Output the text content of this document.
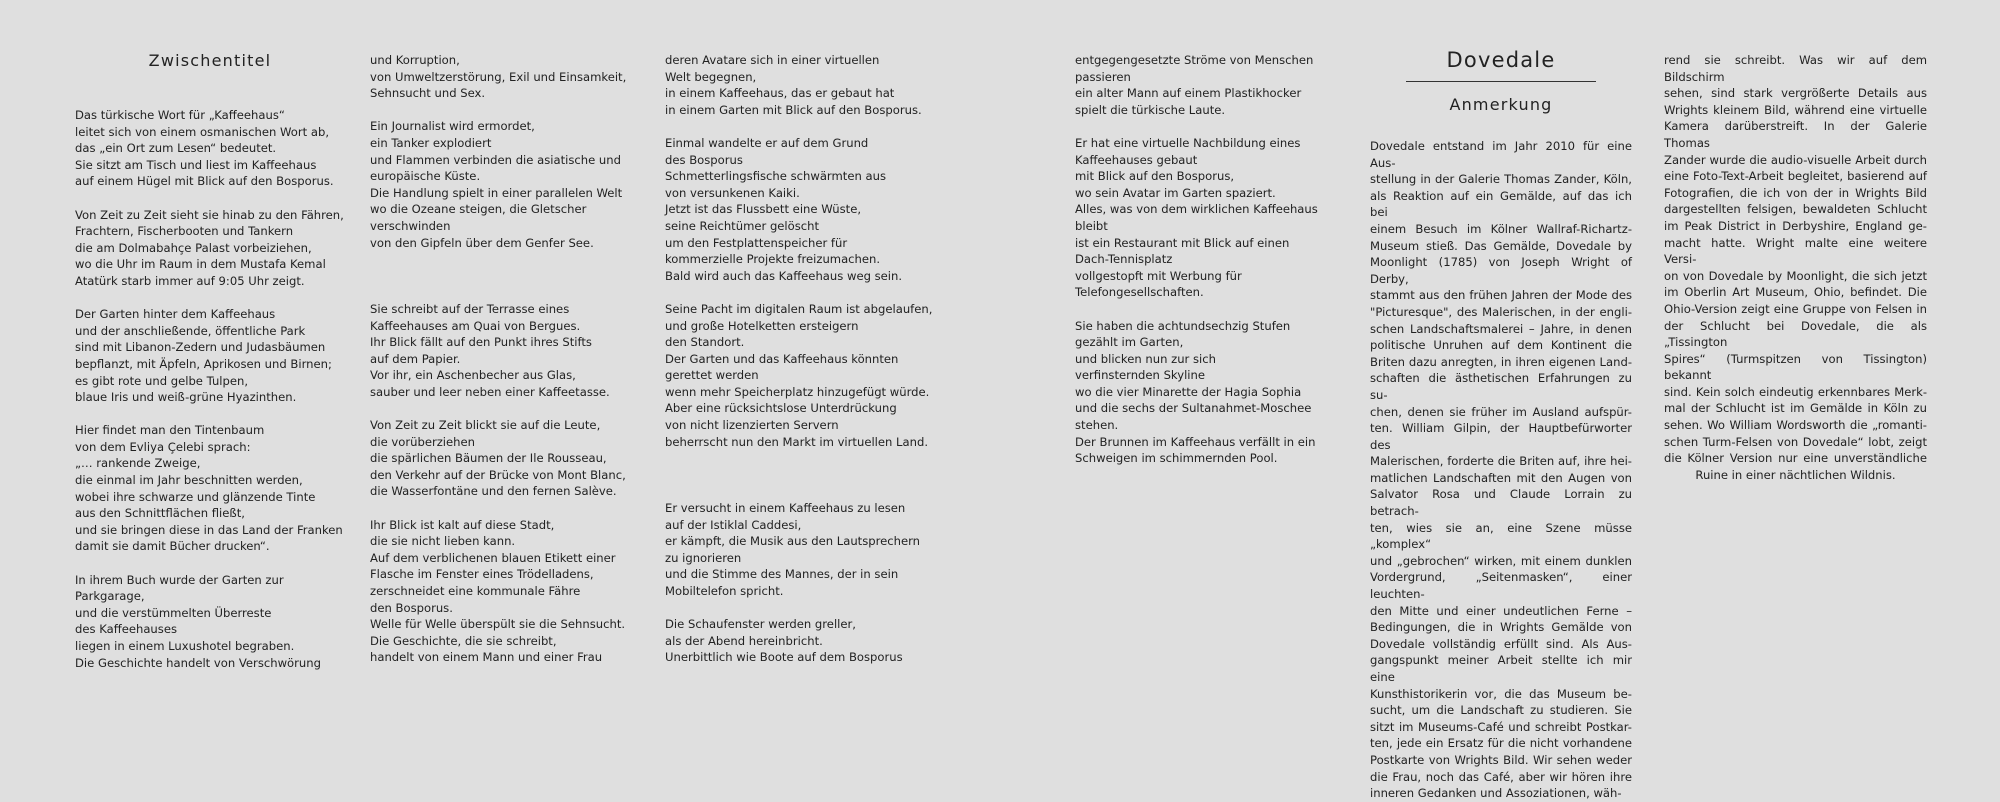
Zwischentitel
Das türkische Wort für „Kaffeehaus“
leitet sich von einem osmanischen Wort ab,
das „ein Ort zum Lesen“ bedeutet.
Sie sitzt am Tisch und liest im Kaffeehaus
auf einem Hügel mit Blick auf den Bosporus.
Von Zeit zu Zeit sieht sie hinab zu den Fähren,
Frachtern, Fischerbooten und Tankern
die am Dolmabahçe Palast vorbeiziehen,
wo die Uhr im Raum in dem Mustafa Kemal
Atatürk starb immer auf 9:05 Uhr zeigt.
Der Garten hinter dem Kaffeehaus
und der anschließende, öffentliche Park
sind mit Libanon-Zedern und Judasbäumen
bepflanzt, mit Äpfeln, Aprikosen und Birnen;
es gibt rote und gelbe Tulpen,
blaue Iris und weiß-grüne Hyazinthen.
Hier findet man den Tintenbaum
von dem Evliya Çelebi sprach:
„… rankende Zweige,
die einmal im Jahr beschnitten werden,
wobei ihre schwarze und glänzende Tinte
aus den Schnittflächen fließt,
und sie bringen diese in das Land der Franken
damit sie damit Bücher drucken“.
In ihrem Buch wurde der Garten zur
Parkgarage,
und die verstümmelten Überreste
des Kaffeehauses
liegen in einem Luxushotel begraben.
Die Geschichte handelt von Verschwörung
und Korruption,
von Umweltzerstörung, Exil und Einsamkeit,
Sehnsucht und Sex.
Ein Journalist wird ermordet,
ein Tanker explodiert
und Flammen verbinden die asiatische und
europäische Küste.
Die Handlung spielt in einer parallelen Welt
wo die Ozeane steigen, die Gletscher
verschwinden
von den Gipfeln über dem Genfer See.
Sie schreibt auf der Terrasse eines
Kaffeehauses am Quai von Bergues.
Ihr Blick fällt auf den Punkt ihres Stifts
auf dem Papier.
Vor ihr, ein Aschenbecher aus Glas,
sauber und leer neben einer Kaffeetasse.
Von Zeit zu Zeit blickt sie auf die Leute,
die vorüberziehen
die spärlichen Bäumen der Ile Rousseau,
den Verkehr auf der Brücke von Mont Blanc,
die Wasserfontäne und den fernen Salève.
Ihr Blick ist kalt auf diese Stadt,
die sie nicht lieben kann.
Auf dem verblichenen blauen Etikett einer
Flasche im Fenster eines Trödelladens,
zerschneidet eine kommunale Fähre
den Bosporus.
Welle für Welle überspült sie die Sehnsucht.
Die Geschichte, die sie schreibt,
handelt von einem Mann und einer Frau
deren Avatare sich in einer virtuellen
Welt begegnen,
in einem Kaffeehaus, das er gebaut hat
in einem Garten mit Blick auf den Bosporus.
Einmal wandelte er auf dem Grund
des Bosporus
Schmetterlingsfische schwärmten aus
von versunkenen Kaiki.
Jetzt ist das Flussbett eine Wüste,
seine Reichtümer gelöscht
um den Festplattenspeicher für
kommerzielle Projekte freizumachen.
Bald wird auch das Kaffeehaus weg sein.
Seine Pacht im digitalen Raum ist abgelaufen,
und große Hotelketten ersteigern
den Standort.
Der Garten und das Kaffeehaus könnten
gerettet werden
wenn mehr Speicherplatz hinzugefügt würde.
Aber eine rücksichtslose Unterdrückung
von nicht lizenzierten Servern
beherrscht nun den Markt im virtuellen Land.
Er versucht in einem Kaffeehaus zu lesen
auf der Istiklal Caddesi,
er kämpft, die Musik aus den Lautsprechern
zu ignorieren
und die Stimme des Mannes, der in sein
Mobiltelefon spricht.
Die Schaufenster werden greller,
als der Abend hereinbricht.
Unerbittlich wie Boote auf dem Bosporus
entgegengesetzte Ströme von Menschen
passieren
ein alter Mann auf einem Plastikhocker
spielt die türkische Laute.
Er hat eine virtuelle Nachbildung eines
Kaffeehauses gebaut
mit Blick auf den Bosporus,
wo sein Avatar im Garten spaziert.
Alles, was von dem wirklichen Kaffeehaus
bleibt
ist ein Restaurant mit Blick auf einen
Dach-Tennisplatz
vollgestopft mit Werbung für
Telefongesellschaften.
Sie haben die achtundsechzig Stufen
gezählt im Garten,
und blicken nun zur sich
verfinsternden Skyline
wo die vier Minarette der Hagia Sophia
und die sechs der Sultanahmet-Moschee
stehen.
Der Brunnen im Kaffeehaus verfällt in ein
Schweigen im schimmernden Pool.
Dovedale
Anmerkung
Dovedale entstand im Jahr 2010 für eine Aus-
stellung in der Galerie Thomas Zander, Köln,
als Reaktion auf ein Gemälde, auf das ich bei
einem Besuch im Kölner Wallraf-Richartz-
Museum stieß. Das Gemälde, Dovedale by
Moonlight (1785) von Joseph Wright of Derby,
stammt aus den frühen Jahren der Mode des
"Picturesque", des Malerischen, in der engli-
schen Landschaftsmalerei – Jahre, in denen
politische Unruhen auf dem Kontinent die
Briten dazu anregten, in ihren eigenen Land-
schaften die ästhetischen Erfahrungen zu su-
chen, denen sie früher im Ausland aufspür-
ten. William Gilpin, der Hauptbefürworter des
Malerischen, forderte die Briten auf, ihre hei-
matlichen Landschaften mit den Augen von
Salvator Rosa und Claude Lorrain zu betrach-
ten, wies sie an, eine Szene müsse „komplex“
und „gebrochen“ wirken, mit einem dunklen
Vordergrund, „Seitenmasken“, einer leuchten-
den Mitte und einer undeutlichen Ferne –
Bedingungen, die in Wrights Gemälde von
Dovedale vollständig erfüllt sind. Als Aus-
gangspunkt meiner Arbeit stellte ich mir eine
Kunsthistorikerin vor, die das Museum be-
sucht, um die Landschaft zu studieren. Sie
sitzt im Museums-Café und schreibt Postkar-
ten, jede ein Ersatz für die nicht vorhandene
Postkarte von Wrights Bild. Wir sehen weder
die Frau, noch das Café, aber wir hören ihre
inneren Gedanken und Assoziationen, wäh-
rend sie schreibt. Was wir auf dem Bildschirm
sehen, sind stark vergrößerte Details aus
Wrights kleinem Bild, während eine virtuelle
Kamera darüberstreift. In der Galerie Thomas
Zander wurde die audio-visuelle Arbeit durch
eine Foto-Text-Arbeit begleitet, basierend auf
Fotografien, die ich von der in Wrights Bild
dargestellten felsigen, bewaldeten Schlucht
im Peak District in Derbyshire, England ge-
macht hatte. Wright malte eine weitere Versi-
on von Dovedale by Moonlight, die sich jetzt
im Oberlin Art Museum, Ohio, befindet. Die
Ohio-Version zeigt eine Gruppe von Felsen in
der Schlucht bei Dovedale, die als „Tissington
Spires“ (Turmspitzen von Tissington) bekannt
sind. Kein solch eindeutig erkennbares Merk-
mal der Schlucht ist im Gemälde in Köln zu
sehen. Wo William Wordsworth die „romanti-
schen Turm-Felsen von Dovedale“ lobt, zeigt
die Kölner Version nur eine unverständliche
Ruine in einer nächtlichen Wildnis.
